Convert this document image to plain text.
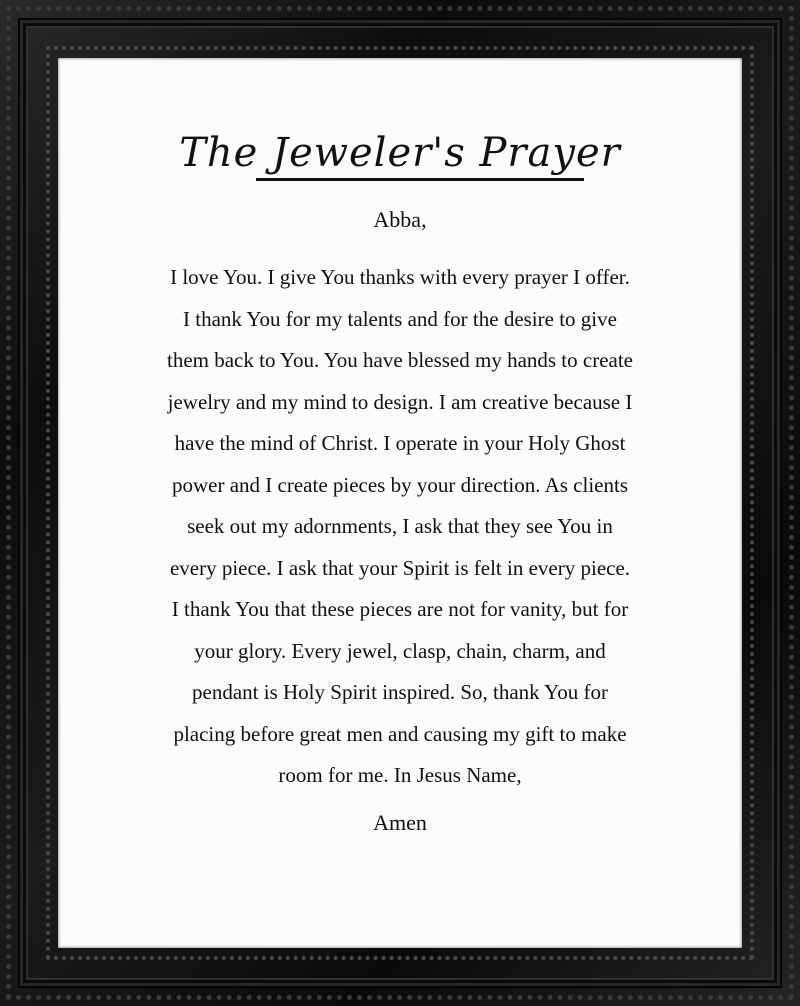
The Jeweler's Prayer
Abba,
I love You. I give You thanks with every prayer I offer.
I thank You for my talents and for the desire to give
them back to You. You have blessed my hands to create
jewelry and my mind to design. I am creative because I
have the mind of Christ. I operate in your Holy Ghost
power and I create pieces by your direction. As clients
seek out my adornments, I ask that they see You in
every piece. I ask that your Spirit is felt in every piece.
I thank You that these pieces are not for vanity, but for
your glory. Every jewel, clasp, chain, charm, and
pendant is Holy Spirit inspired. So, thank You for
placing before great men and causing my gift to make
room for me. In Jesus Name,
Amen
